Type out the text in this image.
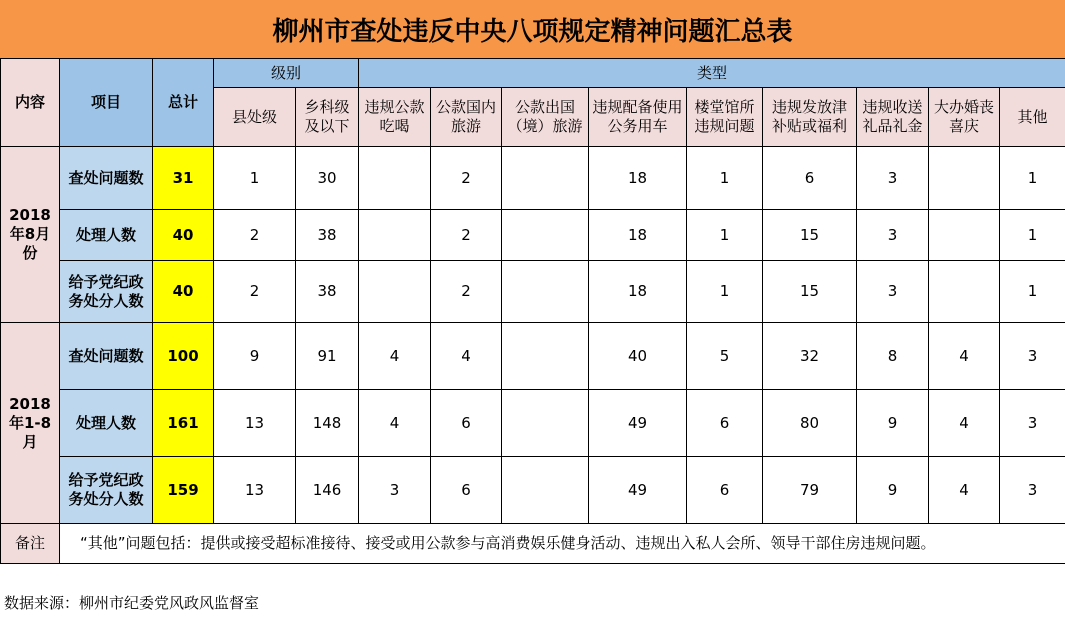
柳州市查处违反中央八项规定精神问题汇总表
内容	项目	总计	级别		类型								
			县处级	乡科级及以下	违规公款吃喝	公款国内旅游	公款出国（境）旅游	违规配备使用公务用车	楼堂馆所违规问题	违规发放津补贴或福利	违规收送礼品礼金	大办婚丧喜庆	其他
2018年8月份	查处问题数	31	1	30		2		18	1	6	3		1
	处理人数	40	2	38		2		18	1	15	3		1
	给予党纪政务处分人数	40	2	38		2		18	1	15	3		1
2018年1-8月	查处问题数	100	9	91	4	4		40	5	32	8	4	3
	处理人数	161	13	148	4	6		49	6	80	9	4	3
	给予党纪政务处分人数	159	13	146	3	6		49	6	79	9	4	3
备注	“其他”问题包括：提供或接受超标准接待、接受或用公款参与高消费娱乐健身活动、违规出入私人会所、领导干部住房违规问题。												
数据来源：柳州市纪委党风政风监督室
